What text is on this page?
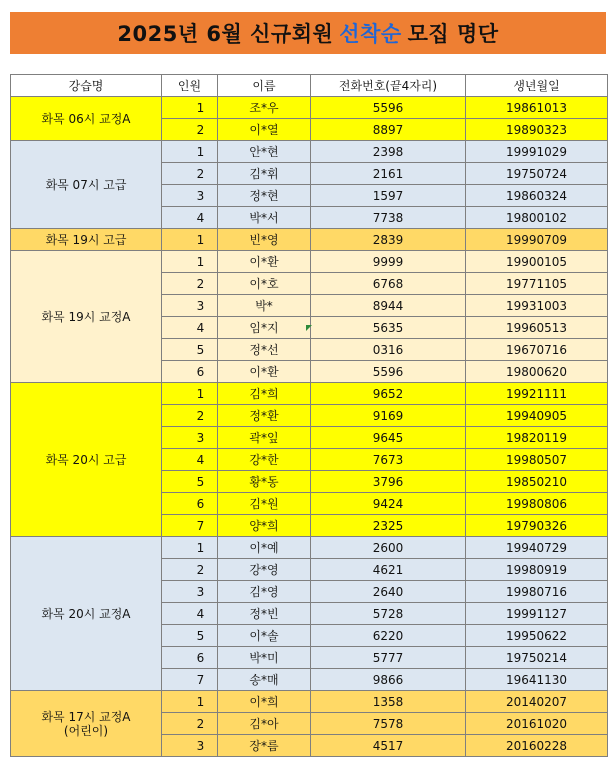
2025년 6월 신규회원 선착순 모집 명단
강습명	인원	이름	전화번호(끝4자리)	생년월일

화목 06시 교정A	1	조*우	5596	19861013
	2	이*열	8897	19890323

화목 07시 고급	1	안*현	2398	19991029
	2	김*휘	2161	19750724
	3	정*현	1597	19860324
	4	박*서	7738	19800102

화목 19시 고급	1	빈*영	2839	19990709

화목 19시 교정A	1	이*환	9999	19900105
	2	이*호	6768	19771105
	3	박*	8944	19931003
	4	임*지	5635	19960513
	5	정*선	0316	19670716
	6	이*환	5596	19800620

화목 20시 고급	1	김*희	9652	19921111
	2	정*환	9169	19940905
	3	곽*잎	9645	19820119
	4	강*한	7673	19980507
	5	황*동	3796	19850210
	6	김*원	9424	19980806
	7	양*희	2325	19790326

화목 20시 교정A	1	이*예	2600	19940729
	2	강*영	4621	19980919
	3	김*영	2640	19980716
	4	정*빈	5728	19991127
	5	이*솔	6220	19950622
	6	박*미	5777	19750214
	7	송*매	9866	19641130

화목 17시 교정A
(어린이)	1	이*희	1358	20140207
	2	김*아	7578	20161020
	3	장*름	4517	20160228
